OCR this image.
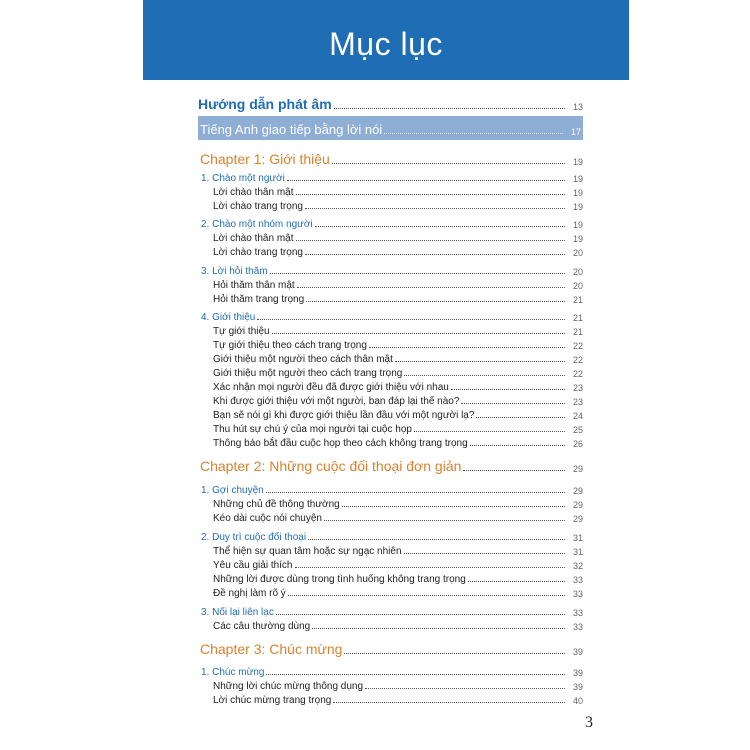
Mục lục
Hướng dẫn phát âm	13
Tiếng Anh giao tiếp bằng lời nói	17
Chapter 1: Giới thiệu	19
1. Chào một người	19
Lời chào thân mật	19
Lời chào trang trọng	19
2. Chào một nhóm người	19
Lời chào thân mật	19
Lời chào trang trọng	20
3. Lời hỏi thăm	20
Hỏi thăm thân mật	20
Hỏi thăm trang trọng	21
4. Giới thiệu	21
Tự giới thiệu	21
Tự giới thiệu theo cách trang trọng	22
Giới thiệu một người theo cách thân mật	22
Giới thiệu một người theo cách trang trọng	22
Xác nhận mọi người đều đã được giới thiệu với nhau	23
Khi được giới thiệu với một người, bạn đáp lại thế nào?	23
Bạn sẽ nói gì khi được giới thiệu lần đầu với một người lạ?	24
Thu hút sự chú ý của mọi người tại cuộc họp	25
Thông báo bắt đầu cuộc họp theo cách không trang trọng	26
Chapter 2: Những cuộc đối thoại đơn giản	29
1. Gợi chuyện	29
Những chủ đề thông thường	29
Kéo dài cuộc nói chuyện	29
2. Duy trì cuộc đối thoại	31
Thể hiện sự quan tâm hoặc sự ngạc nhiên	31
Yêu cầu giải thích	32
Những lời được dùng trong tình huống không trang trọng	33
Đề nghị làm rõ ý	33
3. Nối lại liên lạc	33
Các câu thường dùng	33
Chapter 3: Chúc mừng	39
1. Chúc mừng	39
Những lời chúc mừng thông dụng	39
Lời chúc mừng trang trọng	40
3
